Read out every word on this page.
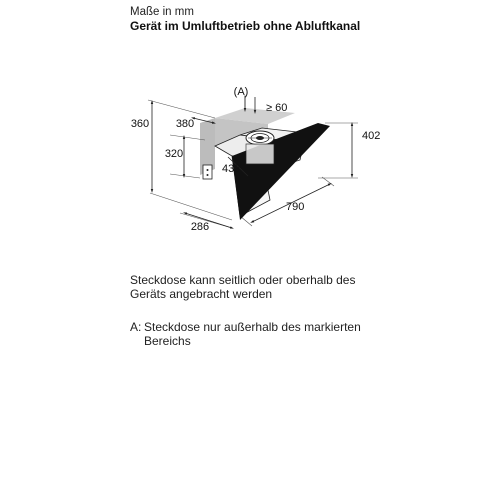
Maße in mm
Gerät im Umluftbetrieb ohne Abluftkanal
(A)
≥ 60
360 380
320
433
402
790
286
Steckdose kann seitlich oder oberhalb des
Geräts angebracht werden
A: Steckdose nur außerhalb des markierten
Bereichs
